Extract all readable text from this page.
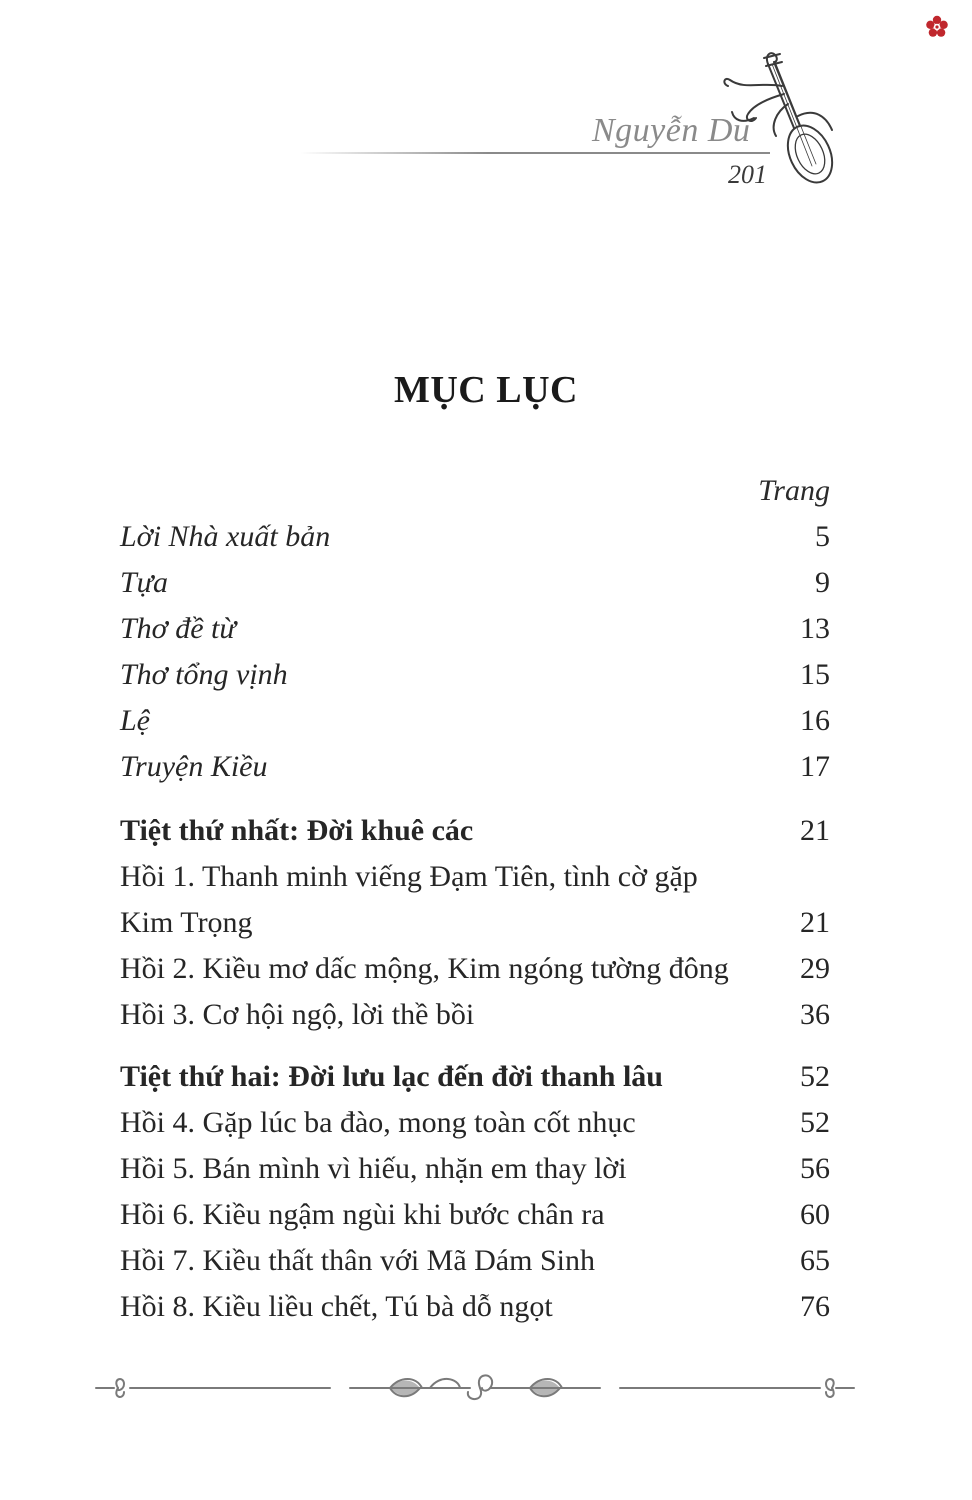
Nguyễn Du
201
MỤC LỤC
Trang
Lời Nhà xuất bản	5
Tựa	9
Thơ đề từ	13
Thơ tổng vịnh	15
Lệ	16
Truyện Kiều	17
Tiệt thứ nhất: Đời khuê các	21
Hồi 1. Thanh minh viếng Đạm Tiên, tình cờ gặp
Kim Trọng	21
Hồi 2. Kiều mơ dấc mộng, Kim ngóng tường đông 29
Hồi 3. Cơ hội ngộ, lời thề bồi	36
Tiệt thứ hai: Đời lưu lạc đến đời thanh lâu	52
Hồi 4. Gặp lúc ba đào, mong toàn cốt nhục	52
Hồi 5. Bán mình vì hiếu, nhặn em thay lời	56
Hồi 6. Kiều ngậm ngùi khi bước chân ra	60
Hồi 7. Kiều thất thân với Mã Dám Sinh	65
Hồi 8. Kiều liều chết, Tú bà dỗ ngọt	76
